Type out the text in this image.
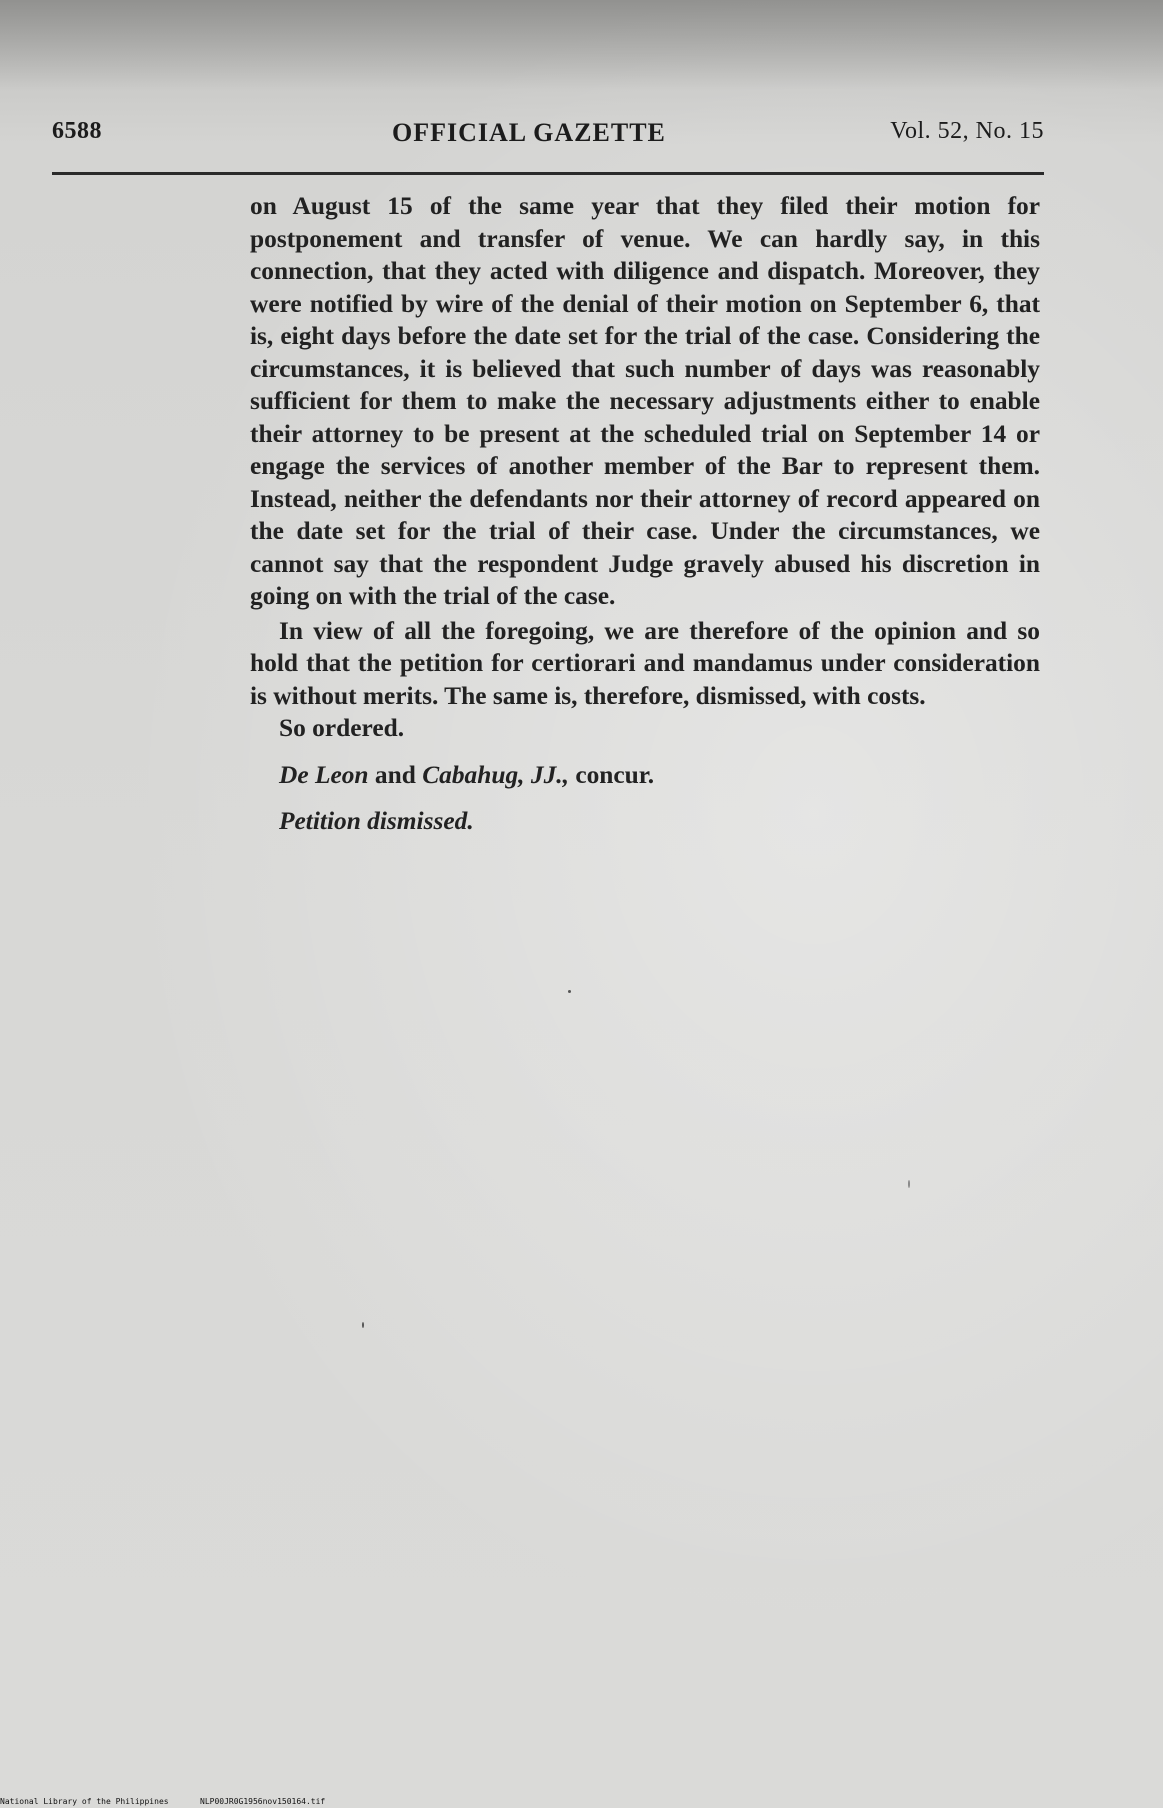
6588	OFFICIAL GAZETTE	Vol. 52, No. 15

on August 15 of the same year that they filed their motion for postponement and transfer of venue. We can hardly say, in this connection, that they acted with diligence and dispatch. Moreover, they were notified by wire of the denial of their motion on September 6, that is, eight days before the date set for the trial of the case. Considering the circumstances, it is believed that such number of days was reasonably sufficient for them to make the necessary adjustments either to enable their attorney to be present at the scheduled trial on September 14 or engage the services of another member of the Bar to represent them. Instead, neither the defendants nor their attorney of record appeared on the date set for the trial of their case. Under the circumstances, we cannot say that the respondent Judge gravely abused his discretion in going on with the trial of the case.

In view of all the foregoing, we are therefore of the opinion and so hold that the petition for certiorari and mandamus under consideration is without merits. The same is, therefore, dismissed, with costs.

So ordered.

De Leon and Cabahug, JJ., concur.

Petition dismissed.

National Library of the Philippines	NLP00JR0G1956nov150164.tif
